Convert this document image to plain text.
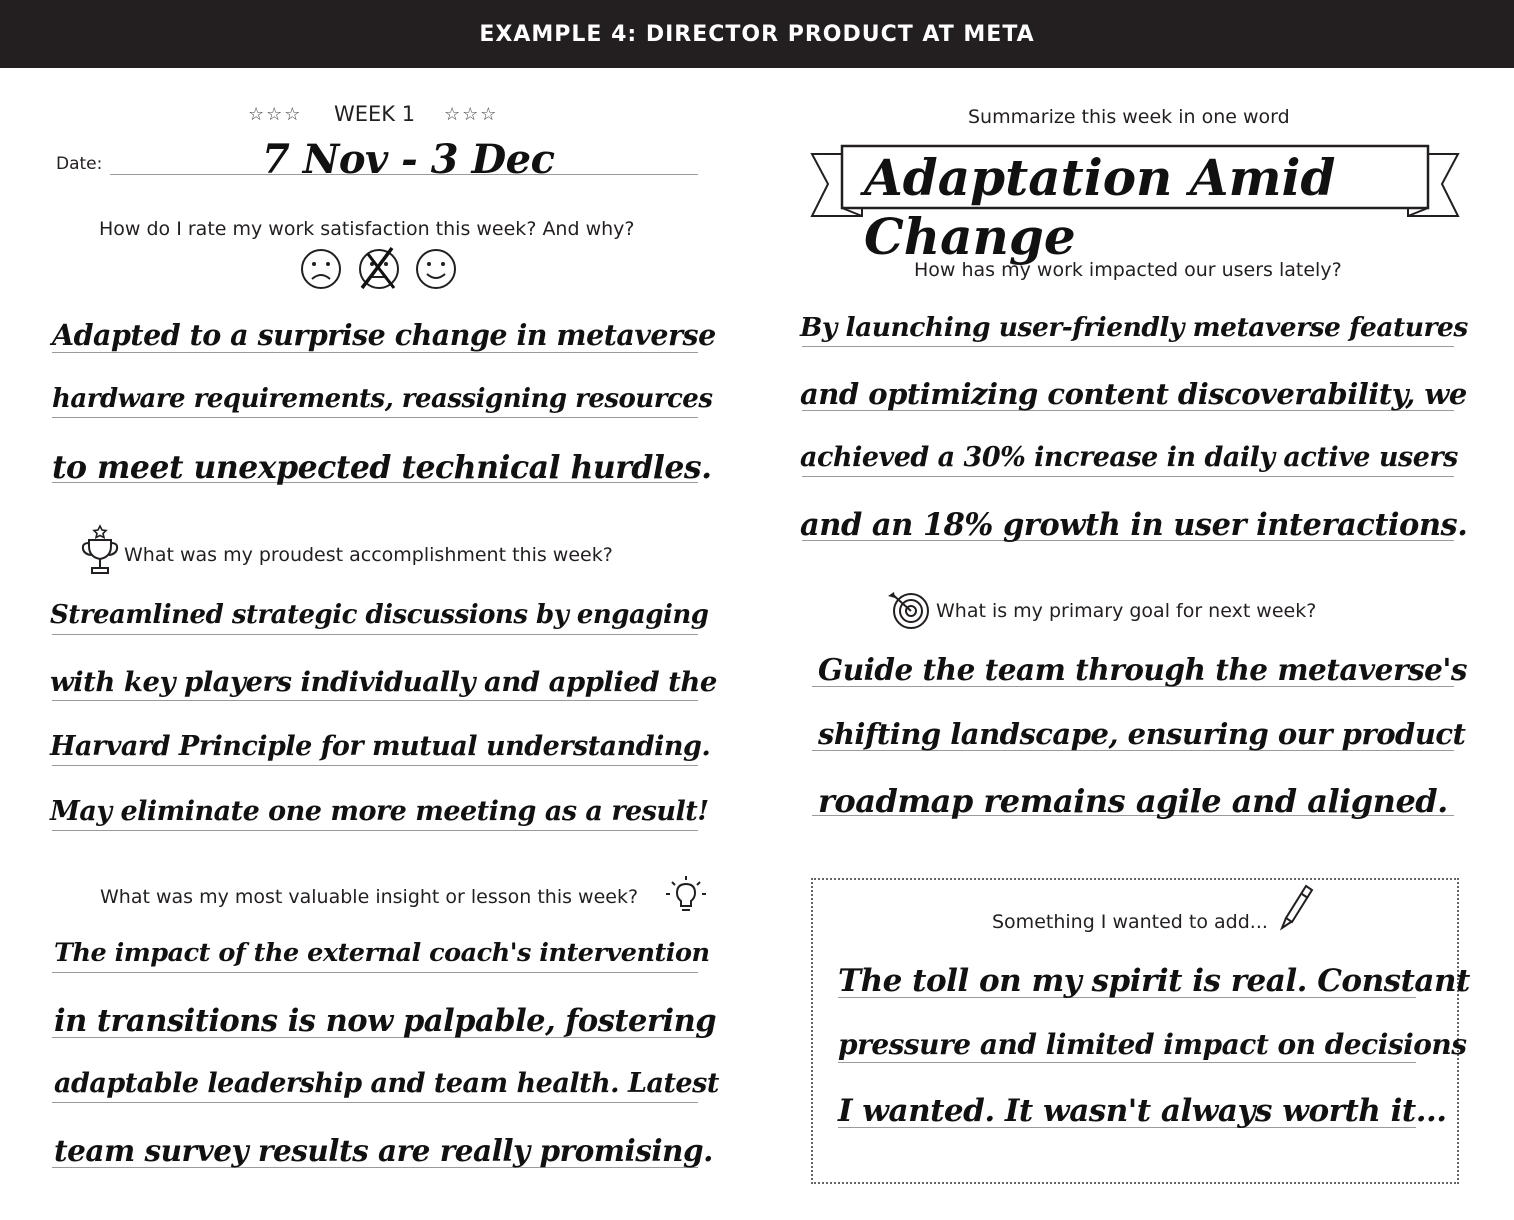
EXAMPLE 4: DIRECTOR PRODUCT AT META
☆☆☆ WEEK 1 ☆☆☆
Date:	7 Nov - 3 Dec
How do I rate my work satisfaction this week? And why?
Adapted to a surprise change in metaverse
hardware requirements, reassigning resources
to meet unexpected technical hurdles.
What was my proudest accomplishment this week?
Streamlined strategic discussions by engaging
with key players individually and applied the
Harvard Principle for mutual understanding.
May eliminate one more meeting as a result!
What was my most valuable insight or lesson this week?
The impact of the external coach's intervention
in transitions is now palpable, fostering
adaptable leadership and team health. Latest
team survey results are really promising.
Summarize this week in one word
Adaptation Amid Change
How has my work impacted our users lately?
By launching user-friendly metaverse features
and optimizing content discoverability, we
achieved a 30% increase in daily active users
and an 18% growth in user interactions.
What is my primary goal for next week?
Guide the team through the metaverse's
shifting landscape, ensuring our product
roadmap remains agile and aligned.
Something I wanted to add...
The toll on my spirit is real. Constant
pressure and limited impact on decisions
I wanted. It wasn't always worth it...
